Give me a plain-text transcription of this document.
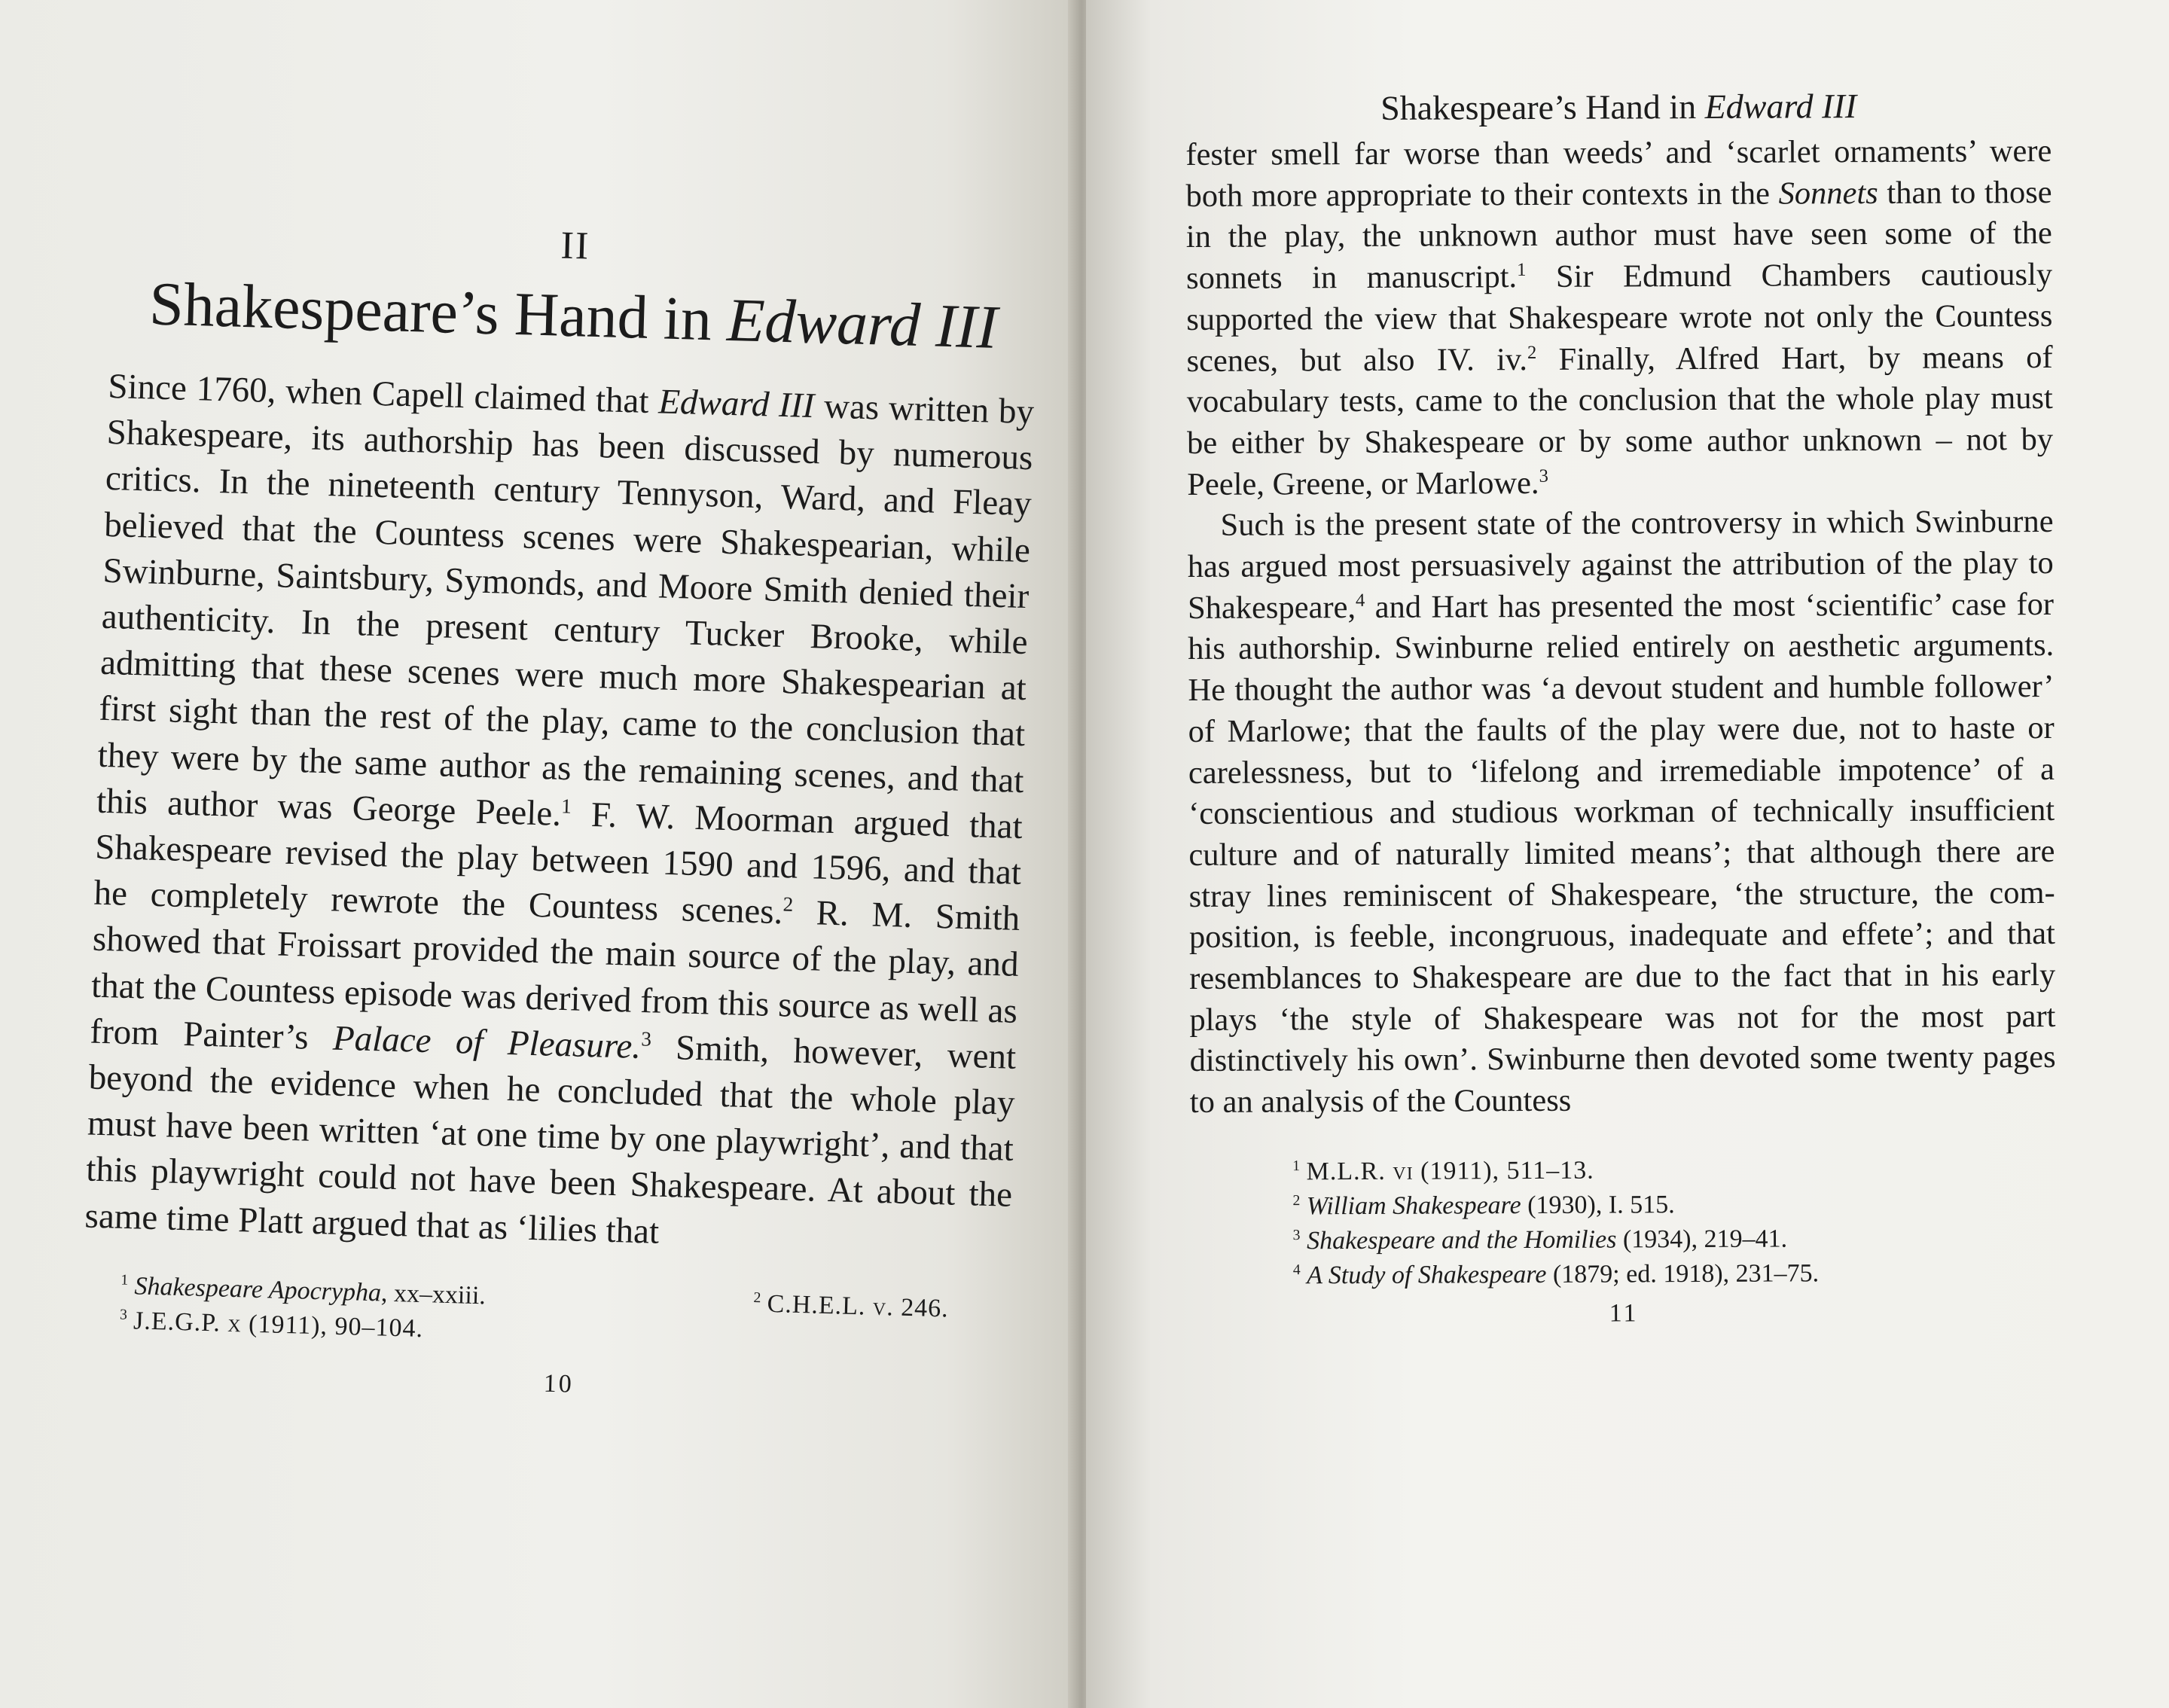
II
Shakespeare’s Hand in Edward III

Since 1760, when Capell claimed that Edward III was written by Shakespeare, its authorship has been discussed by numerous critics. In the nineteenth century Tennyson, Ward, and Fleay believed that the Countess scenes were Shakespearian, while Swinburne, Saintsbury, Symonds, and Moore Smith denied their authenticity. In the present century Tucker Brooke, while admitting that these scenes were much more Shakespearian at first sight than the rest of the play, came to the conclusion that they were by the same author as the remaining scenes, and that this author was George Peele.$^1$ F. W. Moorman argued that Shakespeare revised the play between 1590 and 1596, and that he completely rewrote the Countess scenes.$^2$ R. M. Smith showed that Froissart provided the main source of the play, and that the Countess episode was derived from this source as well as from Painter’s Palace of Pleasure.$^3$ Smith, however, went beyond the evidence when he concluded that the whole play must have been written ‘at one time by one playwright’, and that this playwright could not have been Shakespeare. At about the same time Platt argued that as ‘lilies that

$^1$ Shakespeare Apocrypha, xx–xxiii.	$^2$ C.H.E.L. v. 246.
$^3$ J.E.G.P. x (1911), 90–104.
10
Shakespeare’s Hand in Edward III

fester smell far worse than weeds’ and ‘scarlet ornaments’ were both more appropriate to their contexts in the Sonnets than to those in the play, the unknown author must have seen some of the sonnets in manuscript.$^1$ Sir Edmund Chambers cautiously supported the view that Shakespeare wrote not only the Countess scenes, but also IV. iv.$^2$ Finally, Alfred Hart, by means of vocabulary tests, came to the conclusion that the whole play must be either by Shakespeare or by some author unknown – not by Peele, Greene, or Marlowe.$^3$

Such is the present state of the controversy in which Swinburne has argued most persuasively against the attribution of the play to Shakespeare,$^4$ and Hart has presented the most ‘scientific’ case for his authorship. Swinburne relied entirely on aesthetic arguments. He thought the author was ‘a devout student and humble follower’ of Marlowe; that the faults of the play were due, not to haste or carelessness, but to ‘lifelong and irremediable impotence’ of a ‘conscientious and studious workman of technically insufficient culture and of naturally limited means’; that although there are stray lines reminiscent of Shakespeare, ‘the structure, the composition, is feeble, incongruous, inadequate and effete’; and that resemblances to Shakespeare are due to the fact that in his early plays ‘the style of Shakespeare was not for the most part distinctively his own’. Swinburne then devoted some twenty pages to an analysis of the Countess

$^1$ M.L.R. vi (1911), 511–13.
$^2$ William Shakespeare (1930), I. 515.
$^3$ Shakespeare and the Homilies (1934), 219–41.
$^4$ A Study of Shakespeare (1879; ed. 1918), 231–75.
11
